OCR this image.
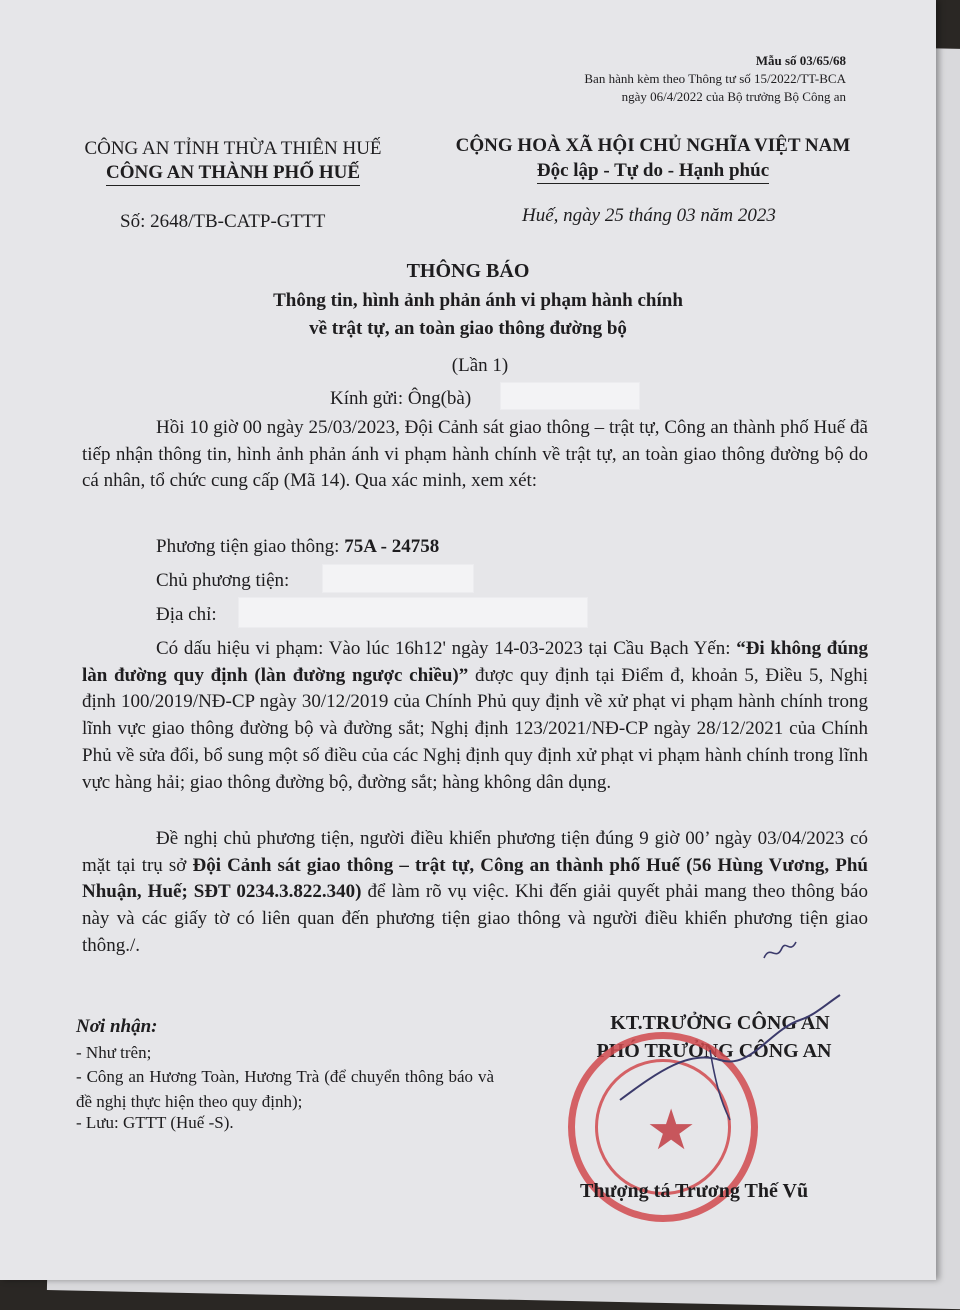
Mẫu số 03/65/68
Ban hành kèm theo Thông tư số 15/2022/TT-BCA
ngày 06/4/2022 của Bộ trưởng Bộ Công an
CÔNG AN TỈNH THỪA THIÊN HUẾ
CÔNG AN THÀNH PHỐ HUẾ
Số: 2648/TB-CATP-GTTT
CỘNG HOÀ XÃ HỘI CHỦ NGHĨA VIỆT NAM
Độc lập - Tự do - Hạnh phúc
Huế, ngày 25 tháng 03 năm 2023
THÔNG BÁO
Thông tin, hình ảnh phản ánh vi phạm hành chính
về trật tự, an toàn giao thông đường bộ
(Lần 1)
Kính gửi: Ông(bà)
Hồi 10 giờ 00 ngày 25/03/2023, Đội Cảnh sát giao thông – trật tự, Công an thành phố Huế đã tiếp nhận thông tin, hình ảnh phản ánh vi phạm hành chính về trật tự, an toàn giao thông đường bộ do cá nhân, tổ chức cung cấp (Mã 14). Qua xác minh, xem xét:
Phương tiện giao thông: 75A - 24758
Chủ phương tiện:
Địa chỉ:
Có dấu hiệu vi phạm: Vào lúc 16h12' ngày 14-03-2023 tại Cầu Bạch Yến: “Đi không đúng làn đường quy định (làn đường ngược chiều)” được quy định tại Điểm đ, khoản 5, Điều 5, Nghị định 100/2019/NĐ-CP ngày 30/12/2019 của Chính Phủ quy định về xử phạt vi phạm hành chính trong lĩnh vực giao thông đường bộ và đường sắt; Nghị định 123/2021/NĐ-CP ngày 28/12/2021 của Chính Phủ về sửa đổi, bổ sung một số điều của các Nghị định quy định xử phạt vi phạm hành chính trong lĩnh vực hàng hải; giao thông đường bộ, đường sắt; hàng không dân dụng.
Đề nghị chủ phương tiện, người điều khiển phương tiện đúng 9 giờ 00’ ngày 03/04/2023 có mặt tại trụ sở Đội Cảnh sát giao thông – trật tự, Công an thành phố Huế (56 Hùng Vương, Phú Nhuận, Huế; SĐT 0234.3.822.340) để làm rõ vụ việc. Khi đến giải quyết phải mang theo thông báo này và các giấy tờ có liên quan đến phương tiện giao thông và người điều khiển phương tiện giao thông./.
Nơi nhận:
- Như trên;
- Công an Hương Toàn, Hương Trà (để chuyển thông báo và đề nghị thực hiện theo quy định);
- Lưu: GTTT (Huế -S).
KT.TRƯỞNG CÔNG AN
PHÓ TRƯỞNG CÔNG AN
★
Thượng tá Trương Thế Vũ
